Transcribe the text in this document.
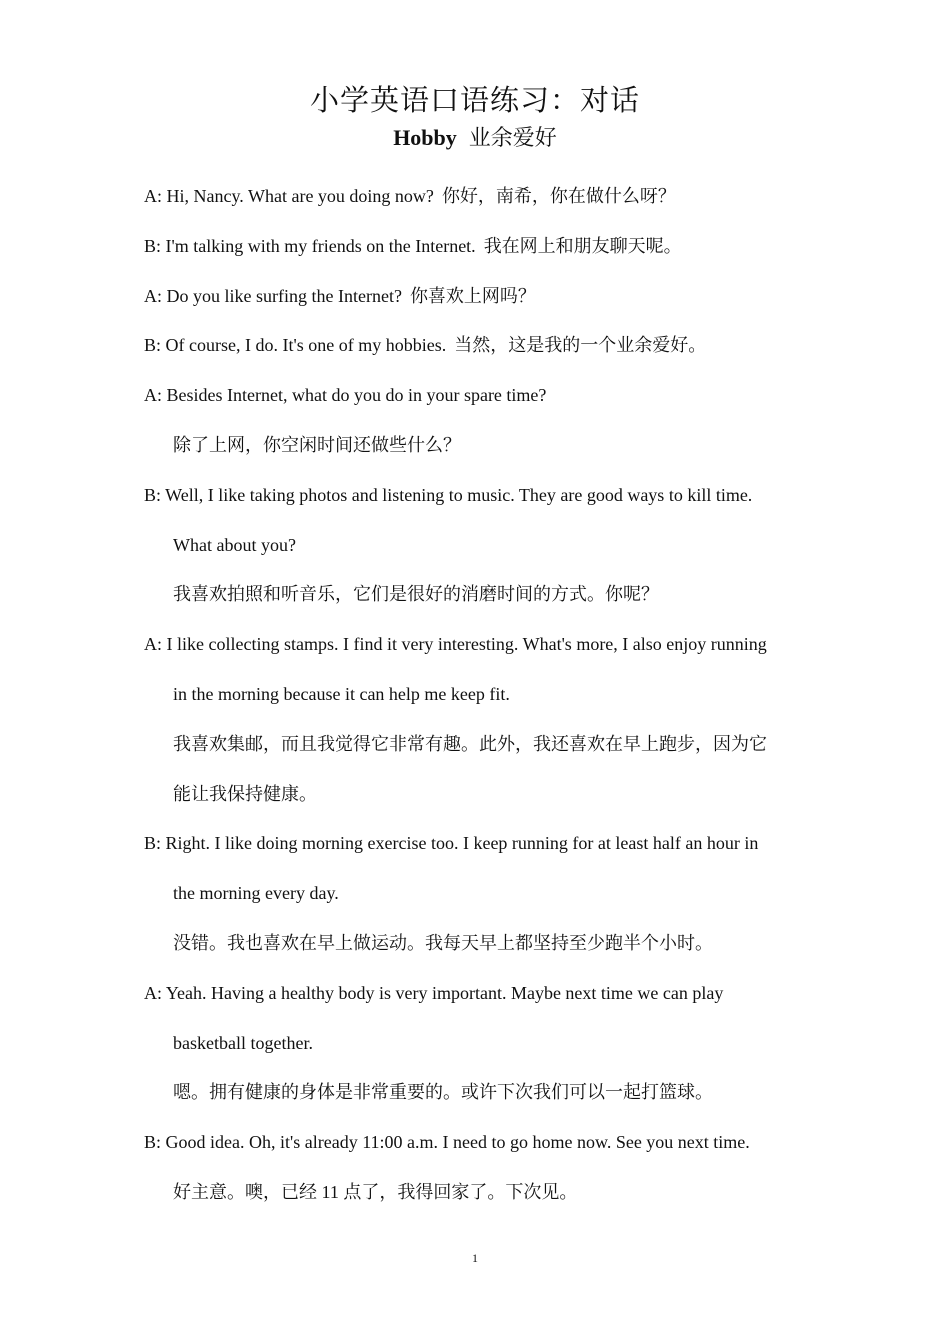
小学英语口语练习：对话
Hobby 业余爱好
A: Hi, Nancy. What are you doing now? 你好，南希，你在做什么呀？
B: I'm talking with my friends on the Internet. 我在网上和朋友聊天呢。
A: Do you like surfing the Internet? 你喜欢上网吗？
B: Of course, I do. It's one of my hobbies. 当然，这是我的一个业余爱好。
A: Besides Internet, what do you do in your spare time?
除了上网，你空闲时间还做些什么？
B: Well, I like taking photos and listening to music. They are good ways to kill time.
What about you?
我喜欢拍照和听音乐，它们是很好的消磨时间的方式。你呢？
A: I like collecting stamps. I find it very interesting. What's more, I also enjoy running
in the morning because it can help me keep fit.
我喜欢集邮，而且我觉得它非常有趣。此外，我还喜欢在早上跑步，因为它
能让我保持健康。
B: Right. I like doing morning exercise too. I keep running for at least half an hour in
the morning every day.
没错。我也喜欢在早上做运动。我每天早上都坚持至少跑半个小时。
A: Yeah. Having a healthy body is very important. Maybe next time we can play
basketball together.
嗯。拥有健康的身体是非常重要的。或许下次我们可以一起打篮球。
B: Good idea. Oh, it's already 11:00 a.m. I need to go home now. See you next time.
好主意。噢，已经 11 点了，我得回家了。下次见。
1
